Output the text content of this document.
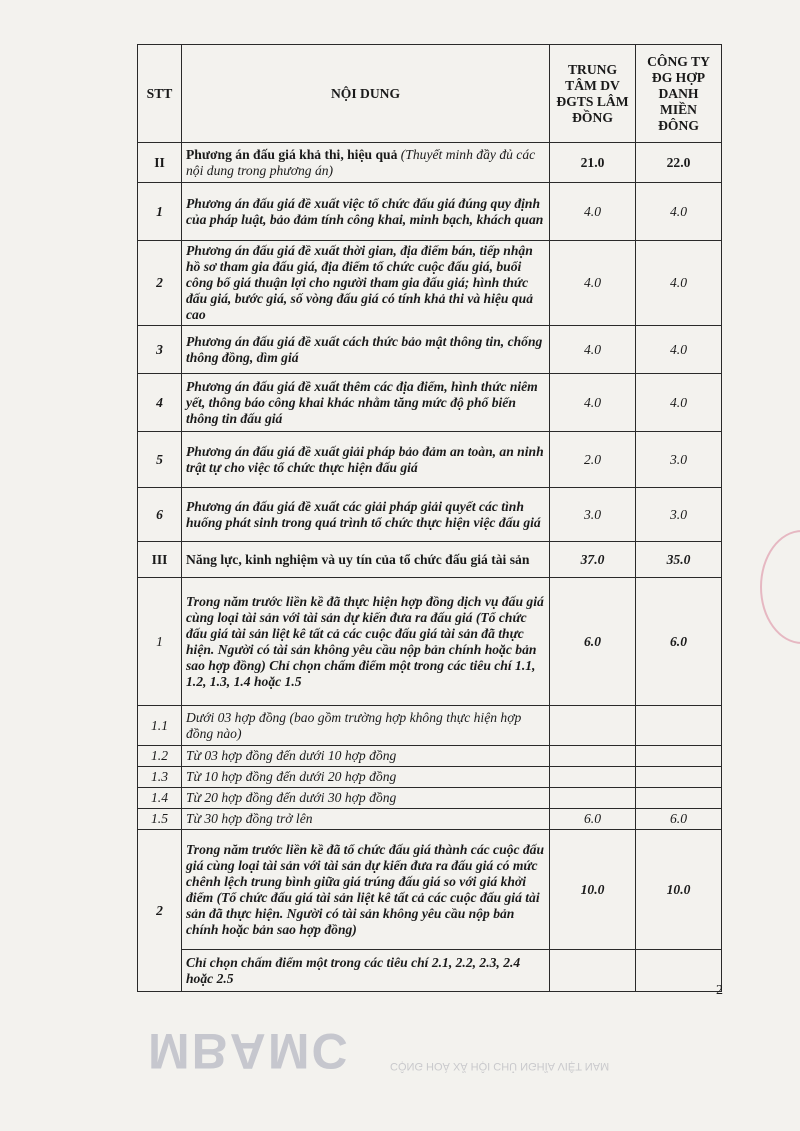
STT	NỘI DUNG	TRUNG TÂM DV ĐGTS LÂM ĐỒNG	CÔNG TY ĐG HỢP DANH MIỀN ĐÔNG
II	Phương án đấu giá khả thi, hiệu quả (Thuyết minh đầy đủ các nội dung trong phương án)	21.0	22.0
1	Phương án đấu giá đề xuất việc tổ chức đấu giá đúng quy định của pháp luật, bảo đảm tính công khai, minh bạch, khách quan	4.0	4.0
2	Phương án đấu giá đề xuất thời gian, địa điểm bán, tiếp nhận hồ sơ tham gia đấu giá, địa điểm tổ chức cuộc đấu giá, buổi công bố giá thuận lợi cho người tham gia đấu giá; hình thức đấu giá, bước giá, số vòng đấu giá có tính khả thi và hiệu quả cao	4.0	4.0
3	Phương án đấu giá đề xuất cách thức bảo mật thông tin, chống thông đồng, dìm giá	4.0	4.0
4	Phương án đấu giá đề xuất thêm các địa điểm, hình thức niêm yết, thông báo công khai khác nhằm tăng mức độ phổ biến thông tin đấu giá	4.0	4.0
5	Phương án đấu giá đề xuất giải pháp bảo đảm an toàn, an ninh trật tự cho việc tổ chức thực hiện đấu giá	2.0	3.0
6	Phương án đấu giá đề xuất các giải pháp giải quyết các tình huống phát sinh trong quá trình tổ chức thực hiện việc đấu giá	3.0	3.0
III	Năng lực, kinh nghiệm và uy tín của tổ chức đấu giá tài sản	37.0	35.0
1	Trong năm trước liền kề đã thực hiện hợp đồng dịch vụ đấu giá cùng loại tài sản với tài sản dự kiến đưa ra đấu giá (Tổ chức đấu giá tài sản liệt kê tất cả các cuộc đấu giá tài sản đã thực hiện. Người có tài sản không yêu cầu nộp bản chính hoặc bản sao hợp đồng) Chỉ chọn chấm điểm một trong các tiêu chí 1.1, 1.2, 1.3, 1.4 hoặc 1.5	6.0	6.0
1.1	Dưới 03 hợp đồng (bao gồm trường hợp không thực hiện hợp đồng nào)		
1.2	Từ 03 hợp đồng đến dưới 10 hợp đồng		
1.3	Từ 10 hợp đồng đến dưới 20 hợp đồng		
1.4	Từ 20 hợp đồng đến dưới 30 hợp đồng		
1.5	Từ 30 hợp đồng trở lên	6.0	6.0
2	Trong năm trước liền kề đã tổ chức đấu giá thành các cuộc đấu giá cùng loại tài sản với tài sản dự kiến đưa ra đấu giá có mức chênh lệch trung bình giữa giá trúng đấu giá so với giá khởi điểm (Tổ chức đấu giá tài sản liệt kê tất cả các cuộc đấu giá tài sản đã thực hiện. Người có tài sản không yêu cầu nộp bản chính hoặc bản sao hợp đồng)	10.0	10.0
	Chỉ chọn chấm điểm một trong các tiêu chí 2.1, 2.2, 2.3, 2.4 hoặc 2.5		
2
MBAMC	CỘNG HOÀ XÃ HỘI CHỦ NGHĨA VIỆT NAM
